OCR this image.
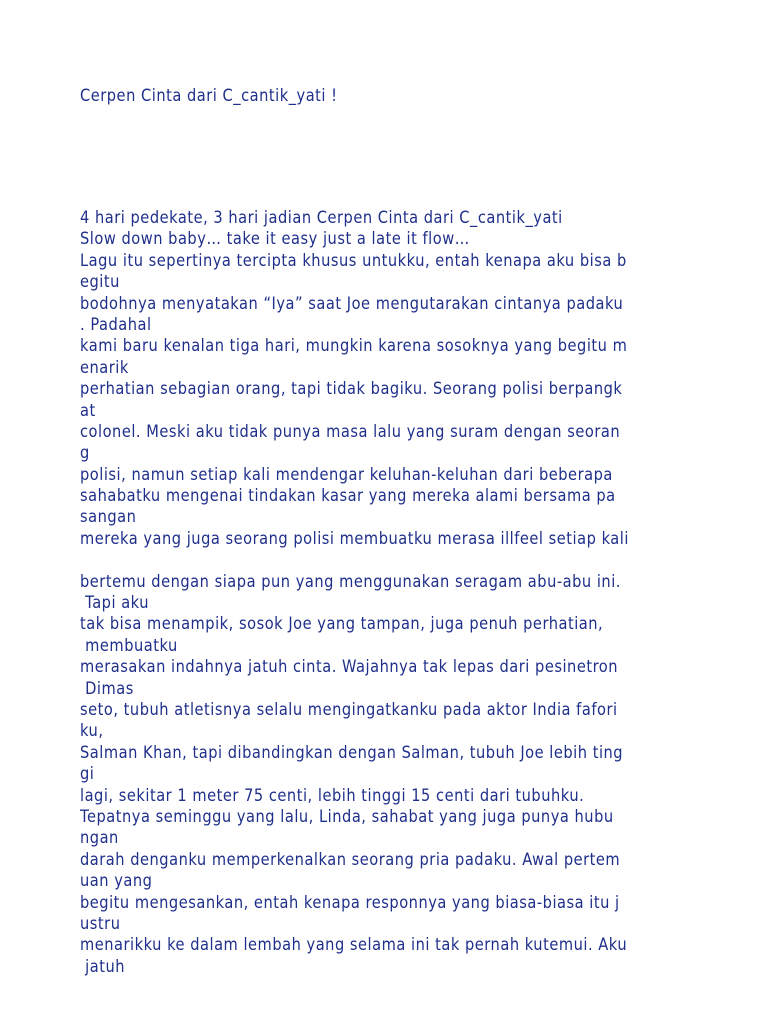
Cerpen Cinta dari C_cantik_yati !
4 hari pedekate, 3 hari jadian Cerpen Cinta dari C_cantik_yati
Slow down baby… take it easy just a late it flow…
Lagu itu sepertinya tercipta khusus untukku, entah kenapa aku bisa b
egitu
bodohnya menyatakan “Iya” saat Joe mengutarakan cintanya padaku
. Padahal
kami baru kenalan tiga hari, mungkin karena sosoknya yang begitu m
enarik
perhatian sebagian orang, tapi tidak bagiku. Seorang polisi berpangk
at
colonel. Meski aku tidak punya masa lalu yang suram dengan seoran
g
polisi, namun setiap kali mendengar keluhan-keluhan dari beberapa
sahabatku mengenai tindakan kasar yang mereka alami bersama pa
sangan
mereka yang juga seorang polisi membuatku merasa illfeel setiap kali
bertemu dengan siapa pun yang menggunakan seragam abu-abu ini.
Tapi aku
tak bisa menampik, sosok Joe yang tampan, juga penuh perhatian,
membuatku
merasakan indahnya jatuh cinta. Wajahnya tak lepas dari pesinetron
Dimas
seto, tubuh atletisnya selalu mengingatkanku pada aktor India fafori
ku,
Salman Khan, tapi dibandingkan dengan Salman, tubuh Joe lebih ting
gi
lagi, sekitar 1 meter 75 centi, lebih tinggi 15 centi dari tubuhku.
Tepatnya seminggu yang lalu, Linda, sahabat yang juga punya hubu
ngan
darah denganku memperkenalkan seorang pria padaku. Awal pertem
uan yang
begitu mengesankan, entah kenapa responnya yang biasa-biasa itu j
ustru
menarikku ke dalam lembah yang selama ini tak pernah kutemui. Aku
jatuh
